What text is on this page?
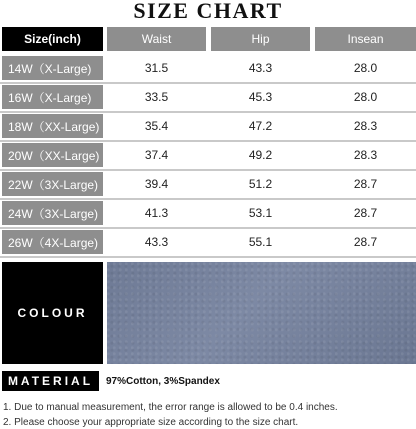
SIZE CHART
Size(inch)	Waist	Hip	Insean
14W（X-Large)	31.5	43.3	28.0
16W（X-Large)	33.5	45.3	28.0
18W（XX-Large)	35.4	47.2	28.3
20W（XX-Large)	37.4	49.2	28.3
22W（3X-Large)	39.4	51.2	28.7
24W（3X-Large)	41.3	53.1	28.7
26W（4X-Large)	43.3	55.1	28.7
COLOUR
MATERIAL	97%Cotton, 3%Spandex
1. Due to manual measurement, the error range is allowed to be 0.4 inches.
2. Please choose your appropriate size according to the size chart.
